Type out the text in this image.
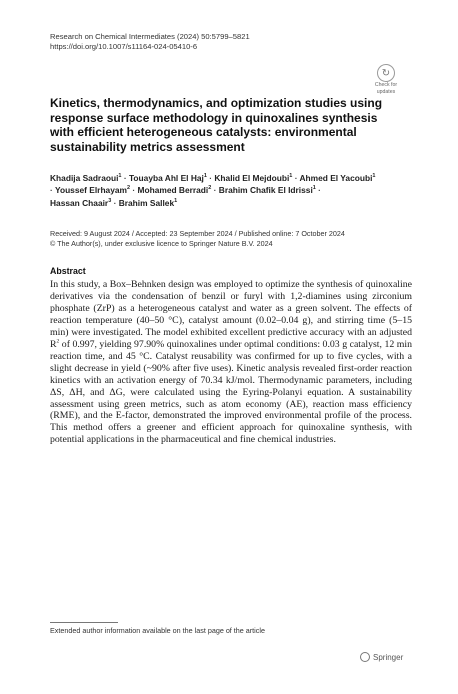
Research on Chemical Intermediates (2024) 50:5799–5821
https://doi.org/10.1007/s11164-024-05410-6
↻
Check for
updates
Kinetics, thermodynamics, and optimization studies using response surface methodology in quinoxalines synthesis with efficient heterogeneous catalysts: environmental sustainability metrics assessment
Khadija Sadraoui$^1$ · Touayba Ahl El Haj$^1$ · Khalid El Mejdoubi$^1$ · Ahmed El Yacoubi$^1$ · Youssef Elrhayam$^2$ · Mohamed Berradi$^2$ · Brahim Chafik El Idrissi$^1$ · Hassan Chaair$^3$ · Brahim Sallek$^1$
Received: 9 August 2024 / Accepted: 23 September 2024 / Published online: 7 October 2024
© The Author(s), under exclusive licence to Springer Nature B.V. 2024
Abstract

In this study, a Box–Behnken design was employed to optimize the synthesis of quinoxaline derivatives via the condensation of benzil or furyl with 1,2-diamines using zirconium phosphate (ZrP) as a heterogeneous catalyst and water as a green solvent. The effects of reaction temperature (40–50 °C), catalyst amount (0.02–0.04 g), and stirring time (5–15 min) were investigated. The model exhibited excellent predictive accuracy with an adjusted $R^2$ of 0.997, yielding 97.90% quinoxalines under optimal conditions: 0.03 g catalyst, 12 min reaction time, and 45 °C. Catalyst reusability was confirmed for up to five cycles, with a slight decrease in yield (~90% after five uses). Kinetic analysis revealed first-order reaction kinetics with an activation energy of 70.34 kJ/mol. Thermodynamic parameters, including ΔS, ΔH, and ΔG, were calculated using the Eyring-Polanyi equation. A sustainability assessment using green metrics, such as atom economy (AE), reaction mass efficiency (RME), and the E-factor, demonstrated the improved environmental profile of the process. This method offers a greener and efficient approach for quinoxaline synthesis, with potential applications in the pharmaceutical and fine chemical industries.

Extended author information available on the last page of the article
Springer
